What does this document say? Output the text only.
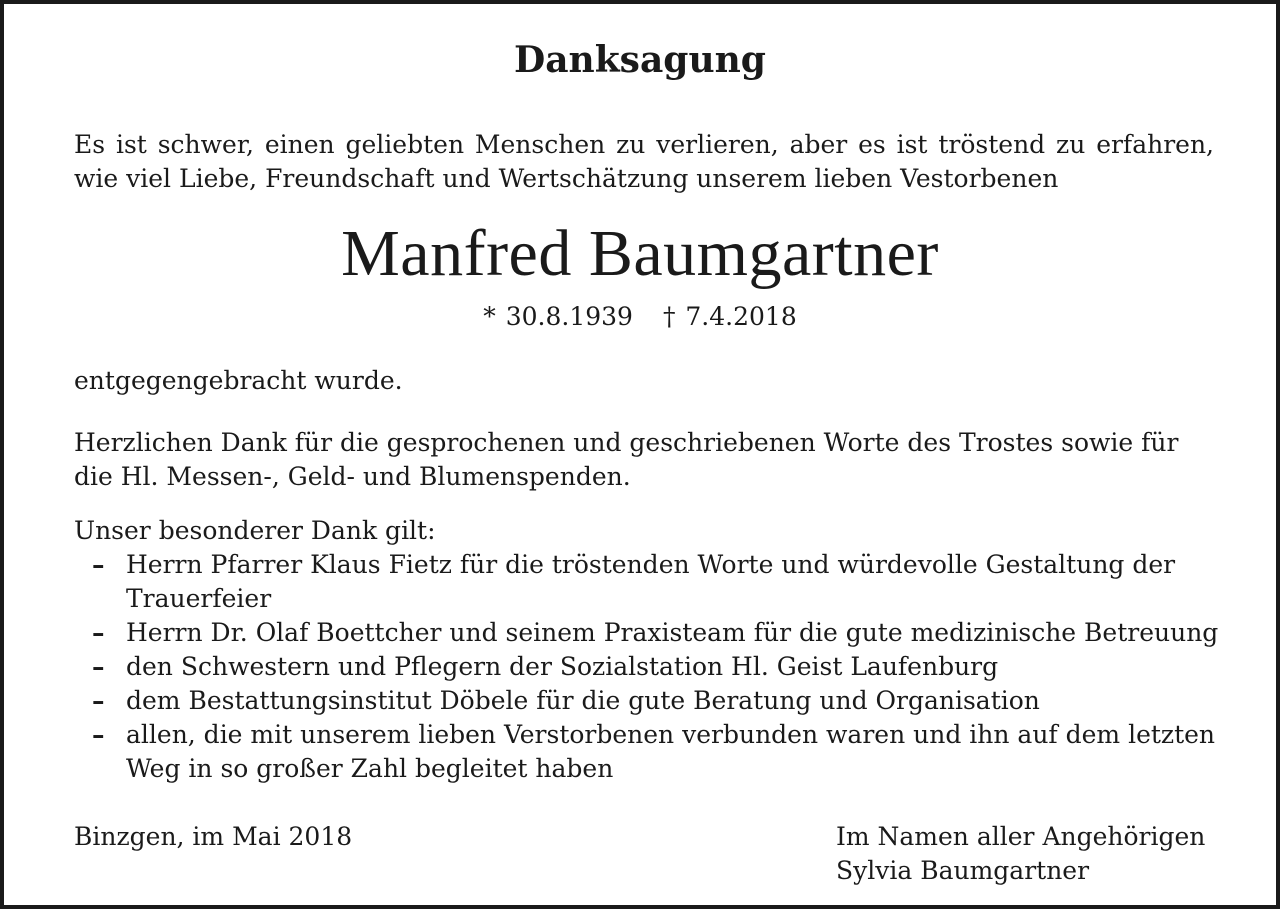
Danksagung

Es ist schwer, einen geliebten Menschen zu verlieren, aber es ist tröstend zu erfahren,
wie viel Liebe, Freundschaft und Wertschätzung unserem lieben Vestorbenen

Manfred Baumgartner
* 30.8.1939 † 7.4.2018

entgegengebracht wurde.

Herzlichen Dank für die gesprochenen und geschriebenen Worte des Trostes sowie für
die Hl. Messen-, Geld- und Blumenspenden.

Unser besonderer Dank gilt:

– Herrn Pfarrer Klaus Fietz für die tröstenden Worte und würdevolle Gestaltung der
Trauerfeier
– Herrn Dr. Olaf Boettcher und seinem Praxisteam für die gute medizinische Betreuung
– den Schwestern und Pflegern der Sozialstation Hl. Geist Laufenburg
– dem Bestattungsinstitut Döbele für die gute Beratung und Organisation
– allen, die mit unserem lieben Verstorbenen verbunden waren und ihn auf dem letzten
Weg in so großer Zahl begleitet haben
Binzgen, im Mai 2018	Im Namen aller Angehörigen
Sylvia Baumgartner
